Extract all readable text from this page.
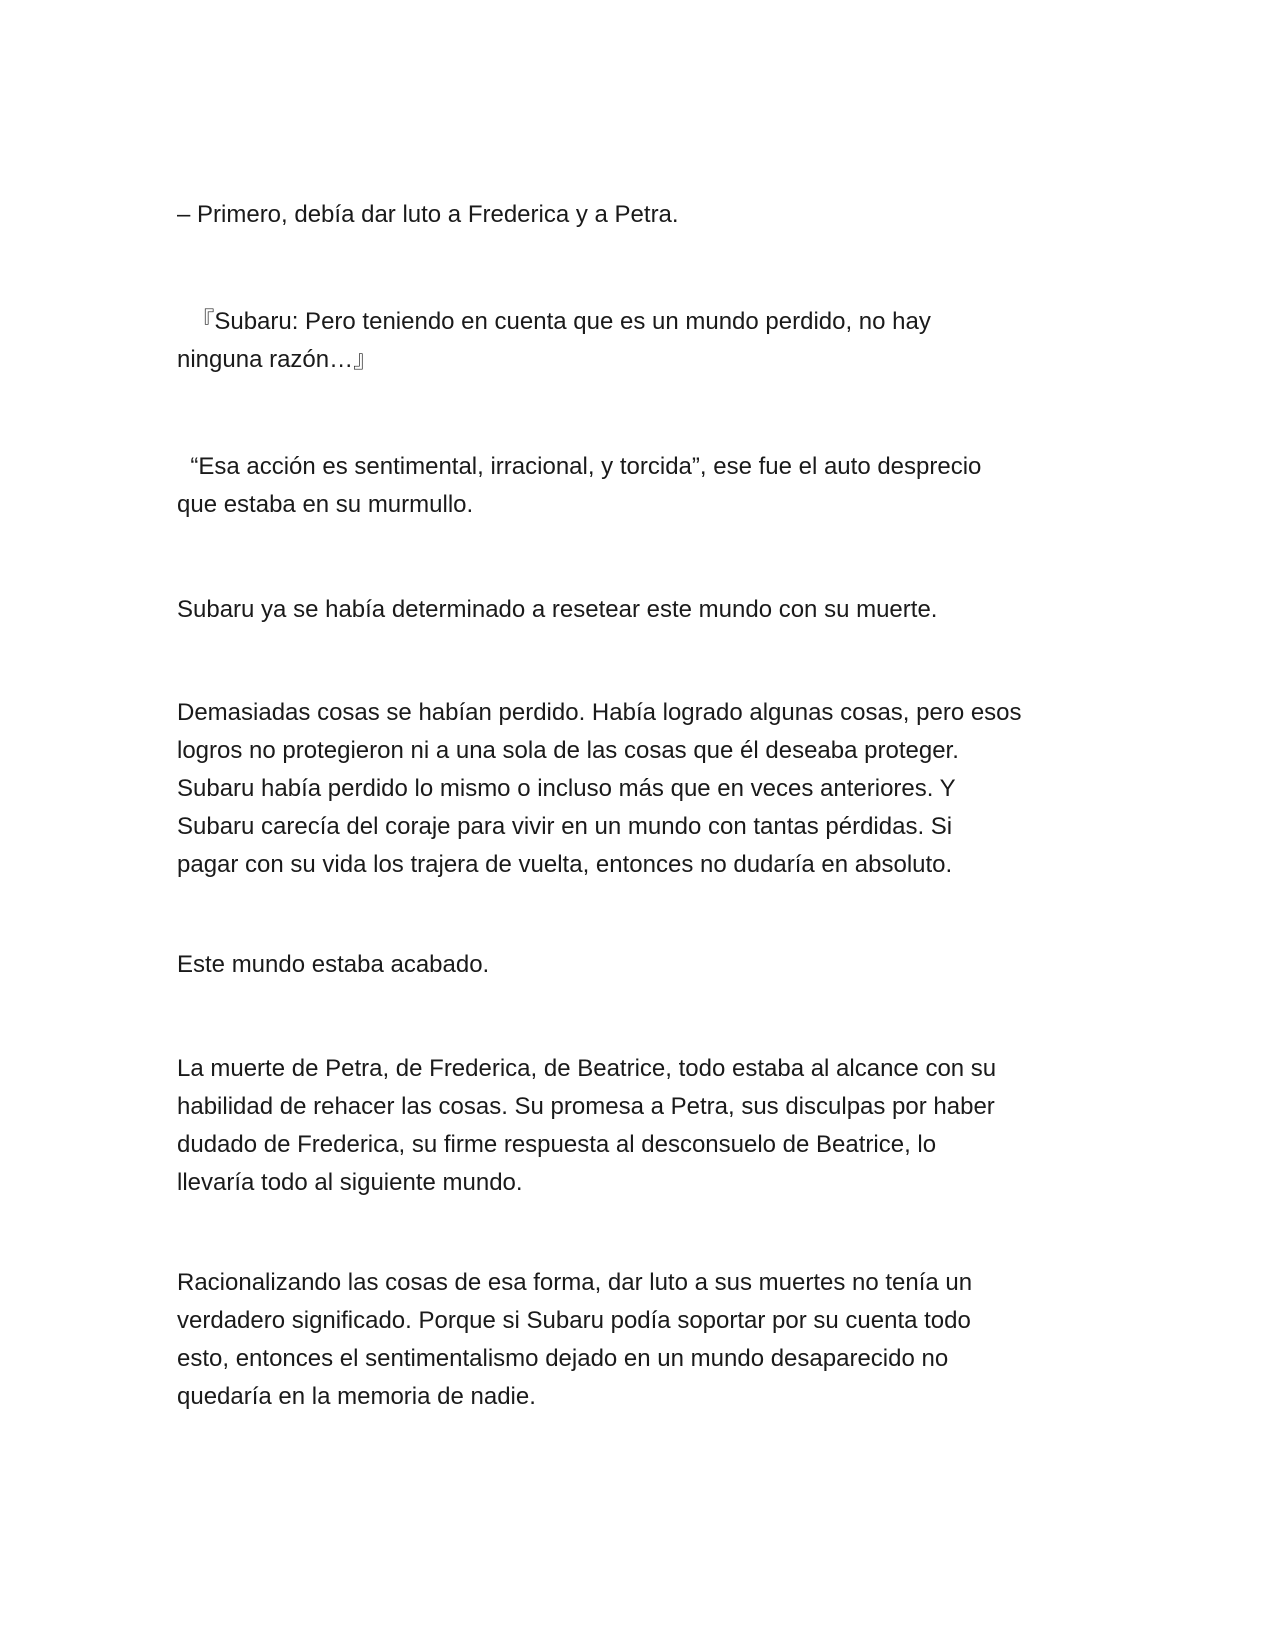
– Primero, debía dar luto a Frederica y a Petra.

『Subaru: Pero teniendo en cuenta que es un mundo perdido, no hay
ninguna razón…』

“Esa acción es sentimental, irracional, y torcida”, ese fue el auto desprecio
que estaba en su murmullo.

Subaru ya se había determinado a resetear este mundo con su muerte.

Demasiadas cosas se habían perdido. Había logrado algunas cosas, pero esos
logros no protegieron ni a una sola de las cosas que él deseaba proteger.
Subaru había perdido lo mismo o incluso más que en veces anteriores. Y
Subaru carecía del coraje para vivir en un mundo con tantas pérdidas. Si
pagar con su vida los trajera de vuelta, entonces no dudaría en absoluto.

Este mundo estaba acabado.

La muerte de Petra, de Frederica, de Beatrice, todo estaba al alcance con su
habilidad de rehacer las cosas. Su promesa a Petra, sus disculpas por haber
dudado de Frederica, su firme respuesta al desconsuelo de Beatrice, lo
llevaría todo al siguiente mundo.

Racionalizando las cosas de esa forma, dar luto a sus muertes no tenía un
verdadero significado. Porque si Subaru podía soportar por su cuenta todo
esto, entonces el sentimentalismo dejado en un mundo desaparecido no
quedaría en la memoria de nadie.
